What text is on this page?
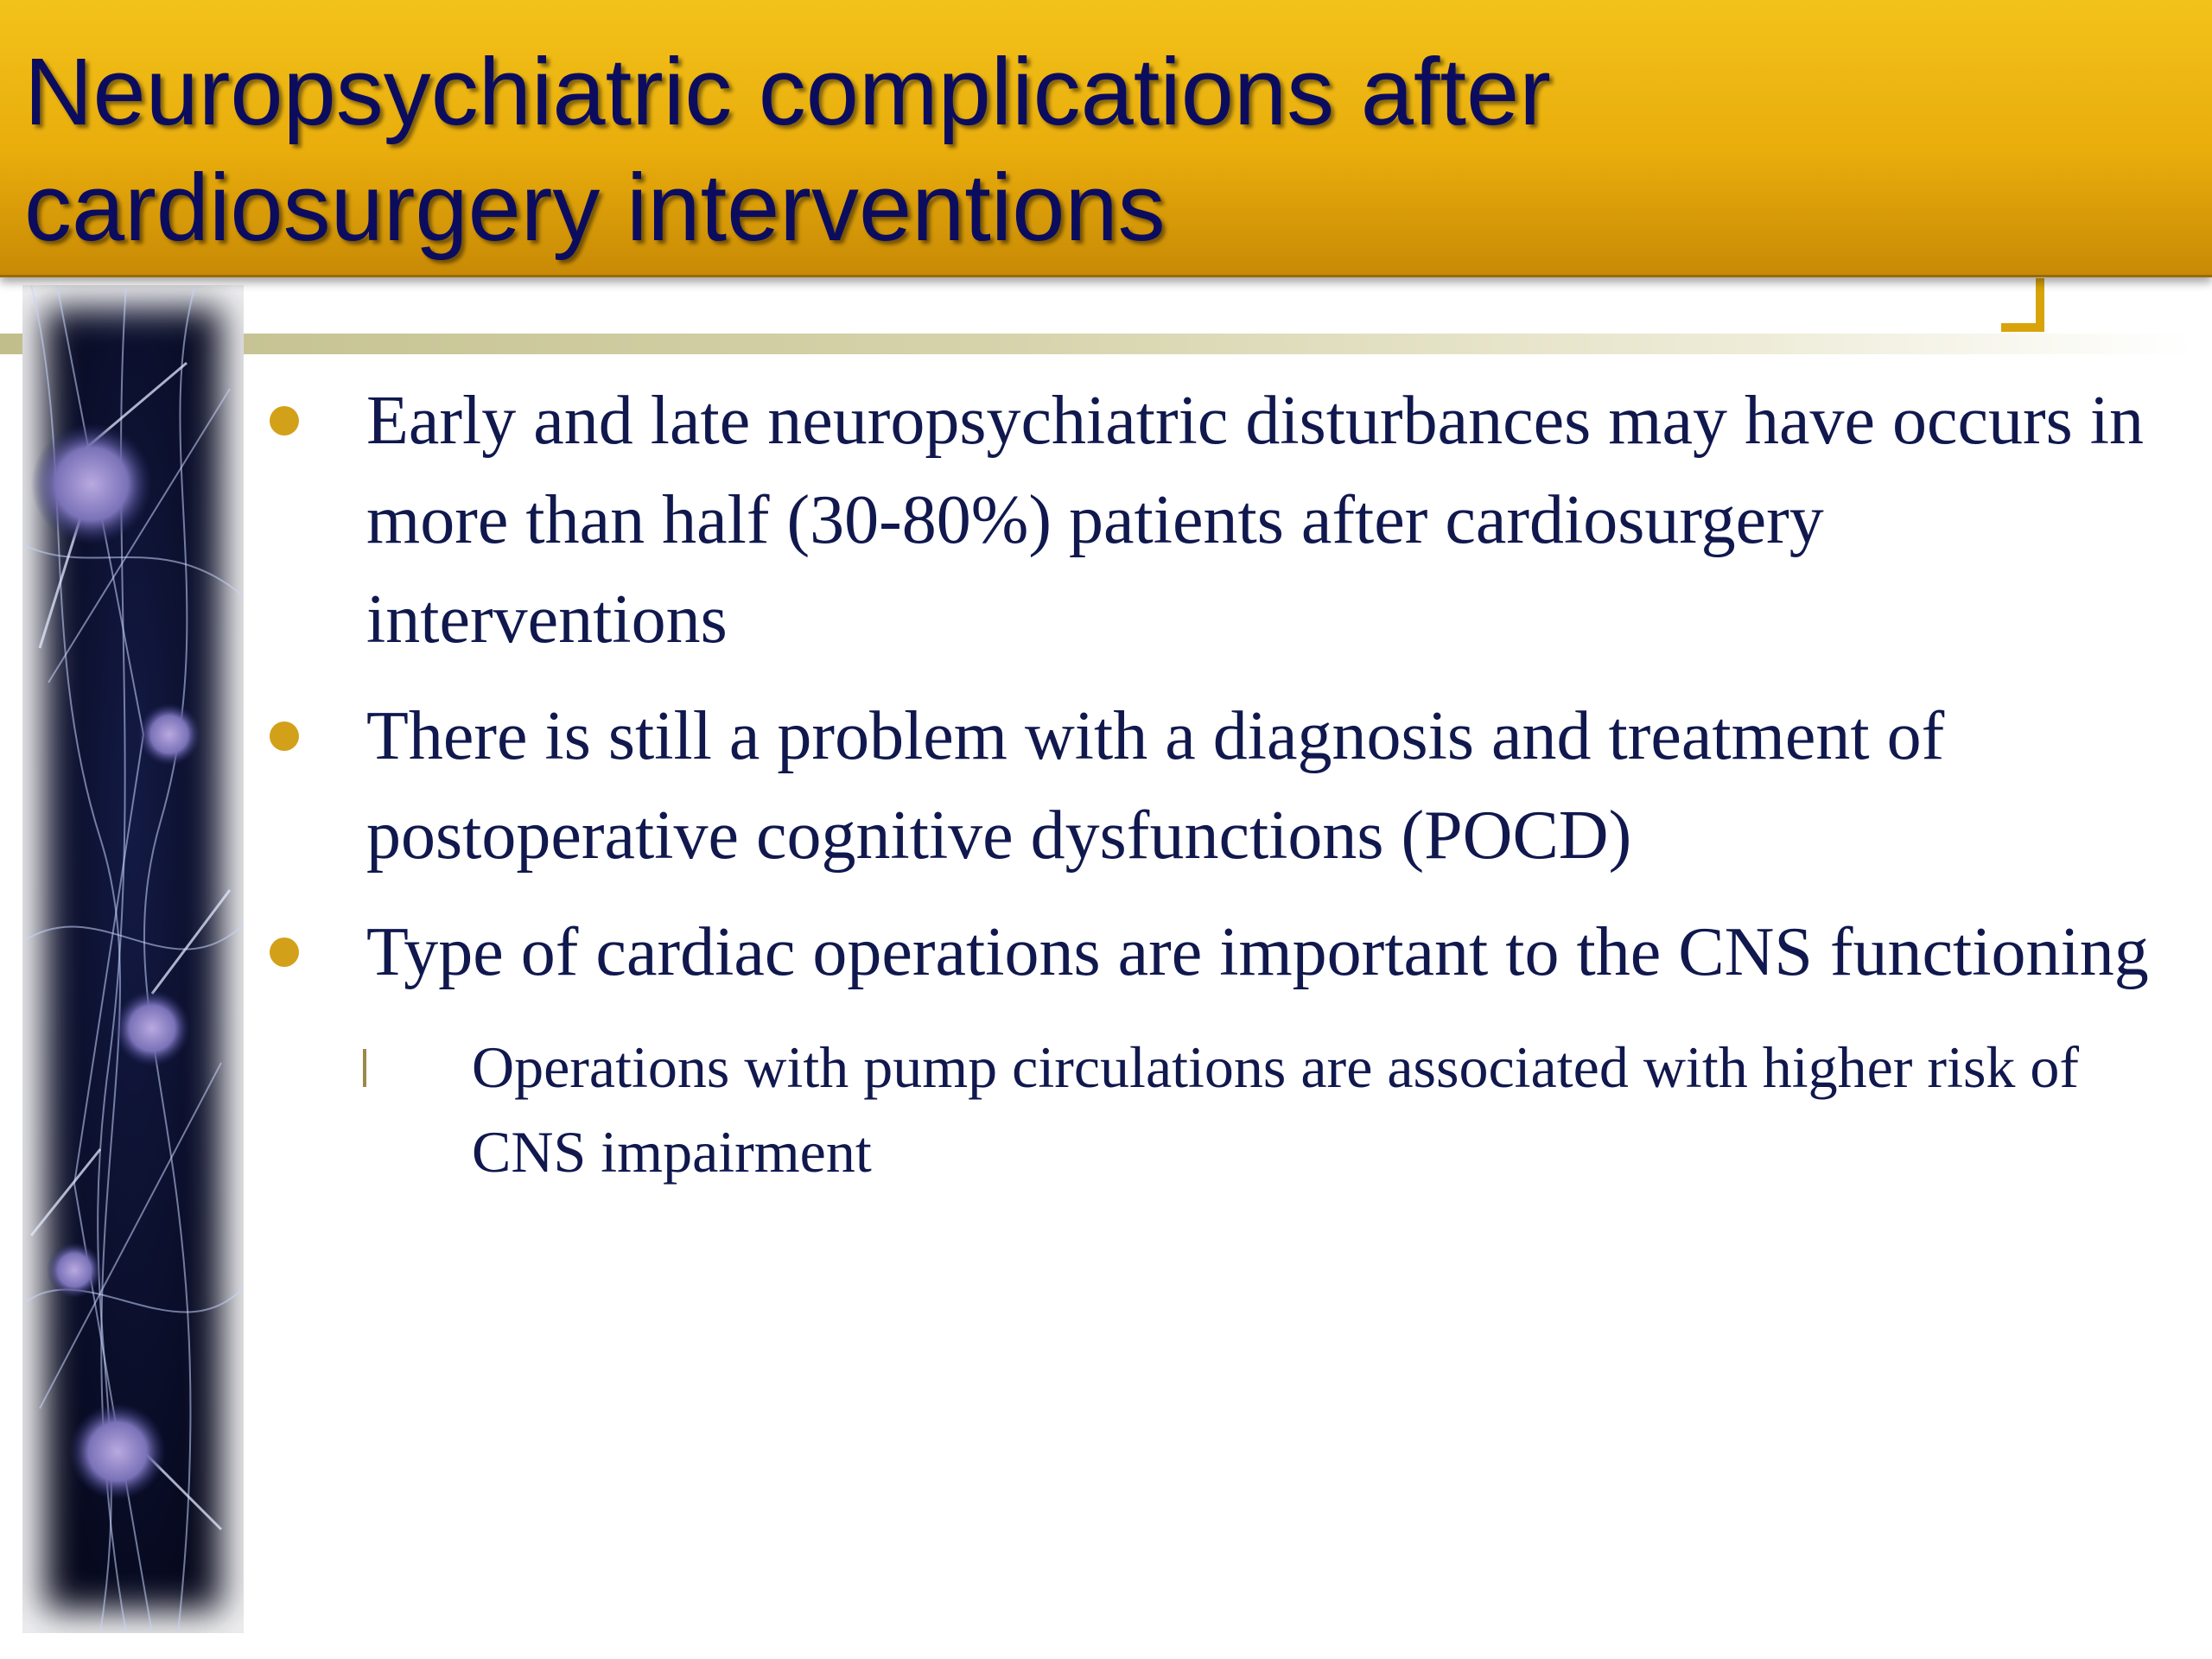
Neuropsychiatric complications after cardiosurgery interventions
Early and late neuropsychiatric disturbances may have occurs in more than half (30-80%) patients after cardiosurgery interventions
There is still a problem with a diagnosis and treatment of postoperative cognitive dysfunctions (POCD)
Type of cardiac operations are important to the CNS functioning
Operations with pump circulations are associated with higher risk of CNS impairment
